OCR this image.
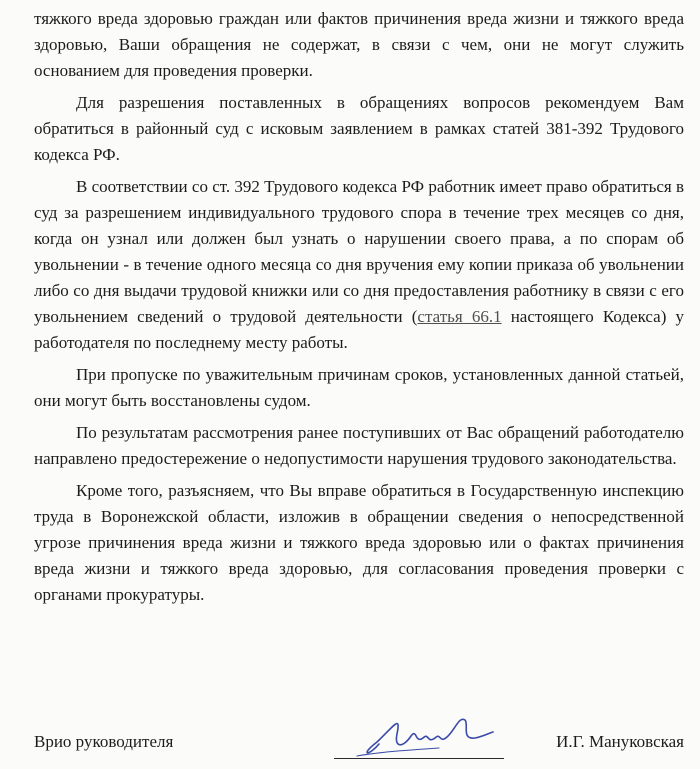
тяжкого вреда здоровью граждан или фактов причинения вреда жизни и тяжкого вреда здоровью, Ваши обращения не содержат, в связи с чем, они не могут служить основанием для проведения проверки.

Для разрешения поставленных в обращениях вопросов рекомендуем Вам обратиться в районный суд с исковым заявлением в рамках статей 381-392 Трудового кодекса РФ.

В соответствии со ст. 392 Трудового кодекса РФ работник имеет право обратиться в суд за разрешением индивидуального трудового спора в течение трех месяцев со дня, когда он узнал или должен был узнать о нарушении своего права, а по спорам об увольнении - в течение одного месяца со дня вручения ему копии приказа об увольнении либо со дня выдачи трудовой книжки или со дня предоставления работнику в связи с его увольнением сведений о трудовой деятельности (статья 66.1 настоящего Кодекса) у работодателя по последнему месту работы.

При пропуске по уважительным причинам сроков, установленных данной статьей, они могут быть восстановлены судом.

По результатам рассмотрения ранее поступивших от Вас обращений работодателю направлено предостережение о недопустимости нарушения трудового законодательства.

Кроме того, разъясняем, что Вы вправе обратиться в Государственную инспекцию труда в Воронежской области, изложив в обращении сведения о непосредственной угрозе причинения вреда жизни и тяжкого вреда здоровью или о фактах причинения вреда жизни и тяжкого вреда здоровью, для согласования проведения проверки с органами прокуратуры.

Врио руководителя	И.Г. Мануковская
